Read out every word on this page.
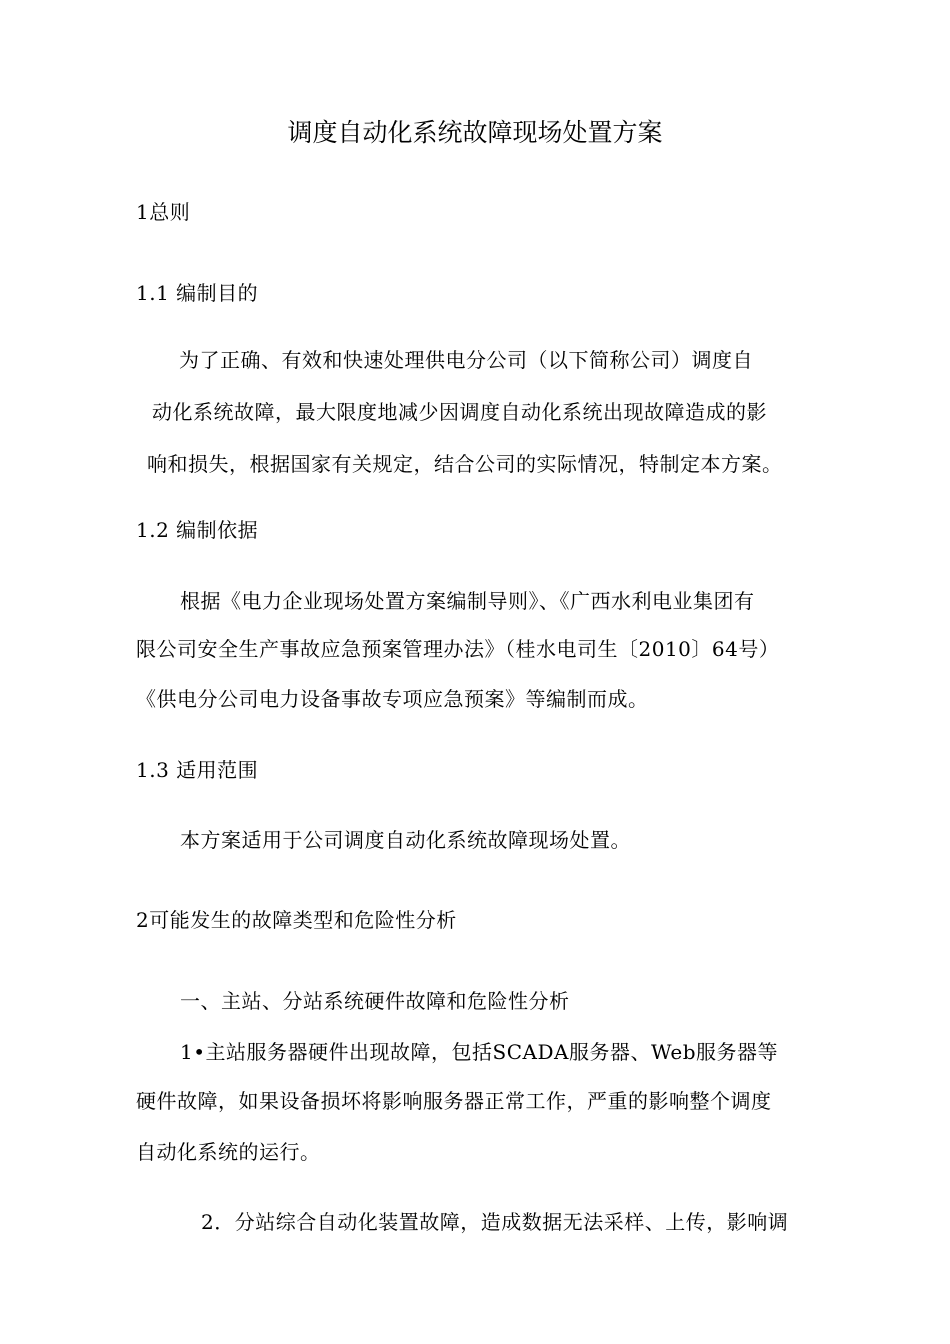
调度自动化系统故障现场处置方案

1总则

1.1 编制目的

为了正确、有效和快速处理供电分公司（以下简称公司）调度自

动化系统故障，最大限度地减少因调度自动化系统出现故障造成的影

响和损失，根据国家有关规定，结合公司的实际情况，特制定本方案。

1.2 编制依据

根据《电力企业现场处置方案编制导则》、《广西水利电业集团有

限公司安全生产事故应急预案管理办法》（桂水电司生〔2010〕64号）

《供电分公司电力设备事故专项应急预案》等编制而成。

1.3 适用范围

本方案适用于公司调度自动化系统故障现场处置。

2可能发生的故障类型和危险性分析

一、主站、分站系统硬件故障和危险性分析

1•主站服务器硬件出现故障，包括SCADA服务器、Web服务器等

硬件故障，如果设备损坏将影响服务器正常工作，严重的影响整个调度

自动化系统的运行。

2．分站综合自动化装置故障，造成数据无法采样、上传，影响调
